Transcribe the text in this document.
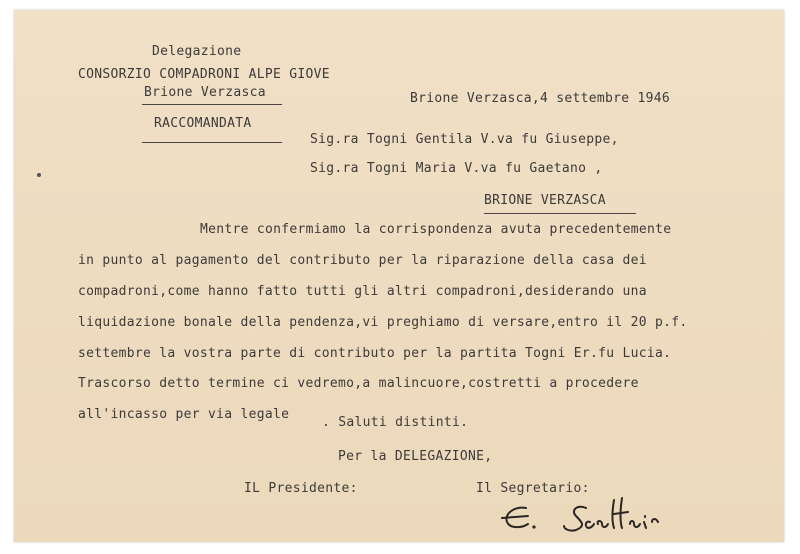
Delegazione
CONSORZIO COMPADRONI ALPE GIOVE
Brione Verzasca
RACCOMANDATA
Brione Verzasca,4 settembre 1946
Sig.ra Togni Gentila V.va fu Giuseppe,
Sig.ra Togni Maria V.va fu Gaetano ,
BRIONE VERZASCA
Mentre confermiamo la corrispondenza avuta precedentemente
in punto al pagamento del contributo per la riparazione della casa dei
compadroni,come hanno fatto tutti gli altri compadroni,desiderando una
liquidazione bonale della pendenza,vi preghiamo di versare,entro il 20 p.f.
settembre la vostra parte di contributo per la partita Togni Er.fu Lucia.
Trascorso detto termine ci vedremo,a malincuore,costretti a procedere
all'incasso per via legale
. Saluti distinti.
Per la DELEGAZIONE,
IL Presidente:	Il Segretario:
